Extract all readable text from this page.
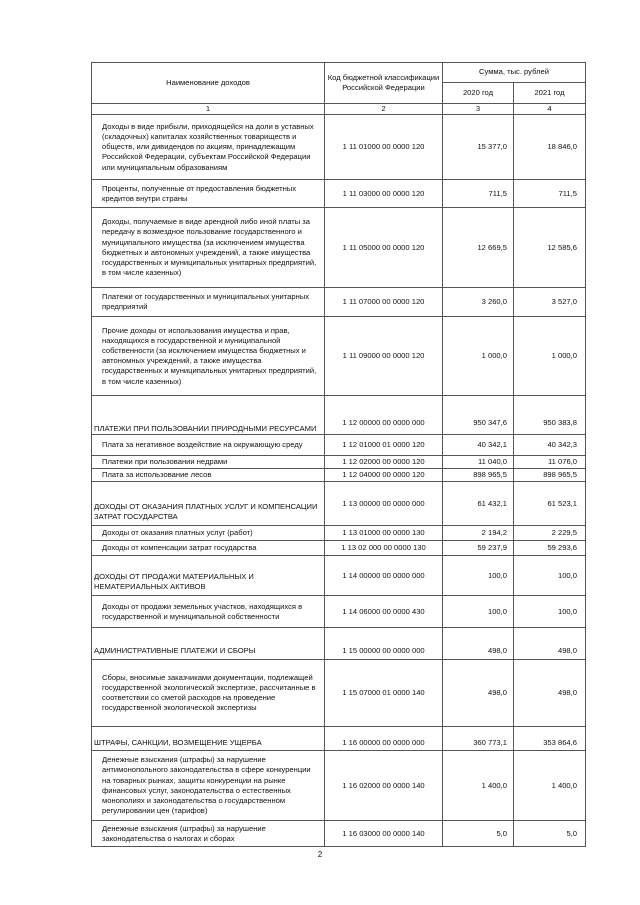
Наименование доходов	Код бюджетной классификации Российской Федерации	Сумма, тыс. рублей	
		2020 год	2021 год
1	2	3	4
Доходы в виде прибыли, приходящейся на доли в уставных (складочных) капиталах хозяйственных товариществ и обществ, или дивидендов по акциям, принадлежащим Российской Федерации, субъектам Российской Федерации или муниципальным образованиям	1 11 01000 00 0000 120	15 377,0	18 846,0
Проценты, полученные от предоставления бюджетных кредитов внутри страны	1 11 03000 00 0000 120	711,5	711,5
Доходы, получаемые в виде арендной либо иной платы за передачу в возмездное пользование государственного и муниципального имущества (за исключением имущества бюджетных и автономных учреждений, а также имущества государственных и муниципальных унитарных предприятий, в том числе казенных)	1 11 05000 00 0000 120	12 669,5	12 585,6
Платежи от государственных и муниципальных унитарных предприятий	1 11 07000 00 0000 120	3 260,0	3 527,0
Прочие доходы от использования имущества и прав, находящихся в государственной и муниципальной собственности (за исключением имущества бюджетных и автономных учреждений, а также имущества государственных и муниципальных унитарных предприятий, в том числе казенных)	1 11 09000 00 0000 120	1 000,0	1 000,0
ПЛАТЕЖИ ПРИ ПОЛЬЗОВАНИИ ПРИРОДНЫМИ РЕСУРСАМИ	1 12 00000 00 0000 000	950 347,6	950 383,8
Плата за негативное воздействие на окружающую среду	1 12 01000 01 0000 120	40 342,1	40 342,3
Платежи при пользовании недрами	1 12 02000 00 0000 120	11 040,0	11 076,0
Плата за использование лесов	1 12 04000 00 0000 120	898 965,5	898 965,5
ДОХОДЫ ОТ ОКАЗАНИЯ ПЛАТНЫХ УСЛУГ И КОМПЕНСАЦИИ ЗАТРАТ ГОСУДАРСТВА	1 13 00000 00 0000 000	61 432,1	61 523,1
Доходы от оказания платных услуг (работ)	1 13 01000 00 0000 130	2 194,2	2 229,5
Доходы от компенсации затрат государства	1 13 02 000 00 0000 130	59 237,9	59 293,6
ДОХОДЫ ОТ ПРОДАЖИ МАТЕРИАЛЬНЫХ И НЕМАТЕРИАЛЬНЫХ АКТИВОВ	1 14 00000 00 0000 000	100,0	100,0
Доходы от продажи земельных участков, находящихся в государственной и муниципальной собственности	1 14 06000 00 0000 430	100,0	100,0
АДМИНИСТРАТИВНЫЕ ПЛАТЕЖИ И СБОРЫ	1 15 00000 00 0000 000	498,0	498,0
Сборы, вносимые заказчиками документации, подлежащей государственной экологической экспертизе, рассчитанные в соответствии со сметой расходов на проведение государственной экологической экспертизы	1 15 07000 01 0000 140	498,0	498,0
ШТРАФЫ, САНКЦИИ, ВОЗМЕЩЕНИЕ УЩЕРБА	1 16 00000 00 0000 000	360 773,1	353 864,6
Денежные взыскания (штрафы) за нарушение антимонопольного законодательства в сфере конкуренции на товарных рынках, защиты конкуренции на рынке финансовых услуг, законодательства о естественных монополиях и законодательства о государственном регулировании цен (тарифов)	1 16 02000 00 0000 140	1 400,0	1 400,0
Денежные взыскания (штрафы) за нарушение законодательства о налогах и сборах	1 16 03000 00 0000 140	5,0	5,0
2
